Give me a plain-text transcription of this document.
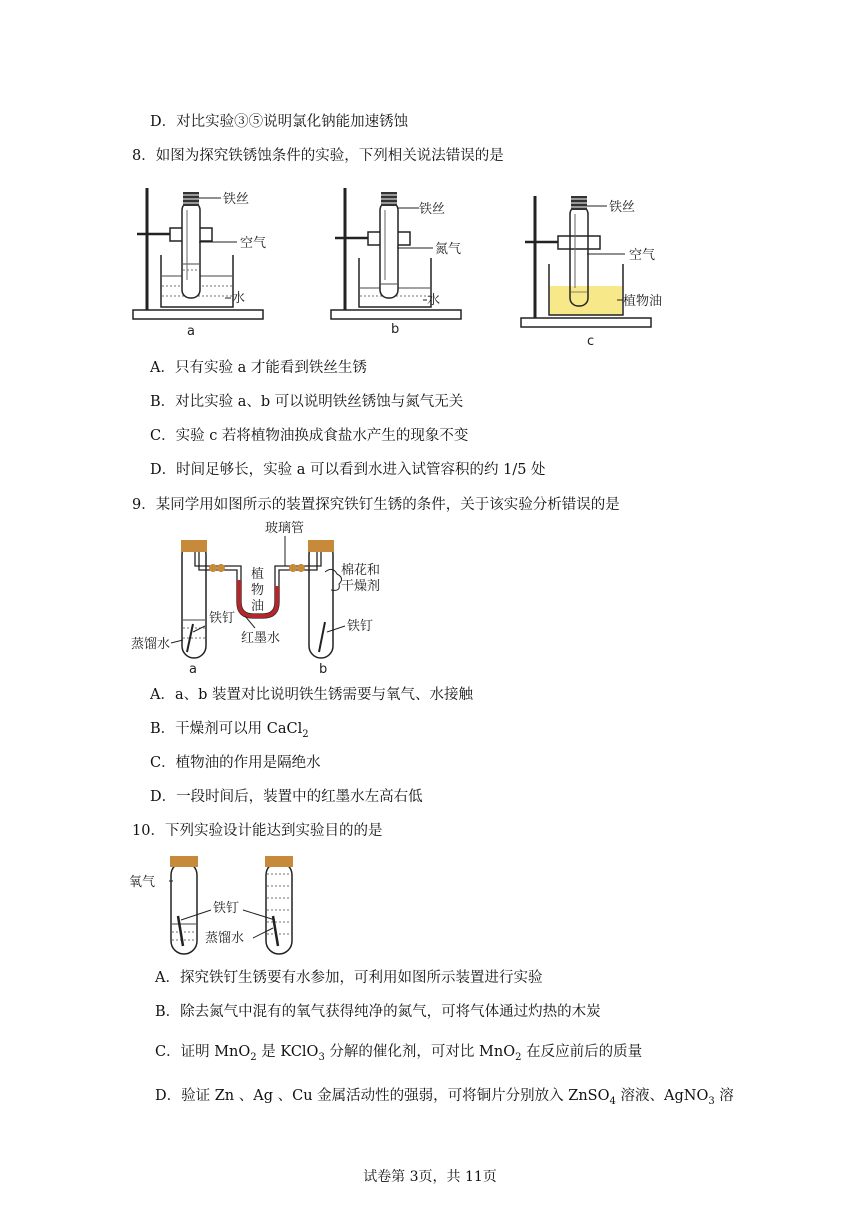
D．对比实验③⑤说明氯化钠能加速锈蚀
8．如图为探究铁锈蚀条件的实验，下列相关说法错误的是
铁丝
空气
水
a
铁丝
氮气
水
b
铁丝
空气
植物油
c
A．只有实验 a 才能看到铁丝生锈
B．对比实验 a、b 可以说明铁丝锈蚀与氮气无关
C．实验 c 若将植物油换成食盐水产生的现象不变
D．时间足够长，实验 a 可以看到水进入试管容积的约 1/5 处
9．某同学用如图所示的装置探究铁钉生锈的条件，关于该实验分析错误的是
玻璃管
植
物
油
棉花和
干燥剂
铁钉
铁钉
蒸馏水	红墨水
a	b
A．a、b 装置对比说明铁生锈需要与氧气、水接触
B．干燥剂可以用 CaCl$_2$
C．植物油的作用是隔绝水
D．一段时间后，装置中的红墨水左高右低
10．下列实验设计能达到实验目的的是
氧气
铁钉
蒸馏水
A．探究铁钉生锈要有水参加，可利用如图所示装置进行实验
B．除去氮气中混有的氧气获得纯净的氮气，可将气体通过灼热的木炭
C．证明 MnO$_2$ 是 KClO$_3$ 分解的催化剂，可对比 MnO$_2$ 在反应前后的质量
D．验证 Zn 、Ag 、Cu 金属活动性的强弱，可将铜片分别放入 ZnSO$_4$ 溶液、AgNO$_3$ 溶
试卷第 3页，共 11页
